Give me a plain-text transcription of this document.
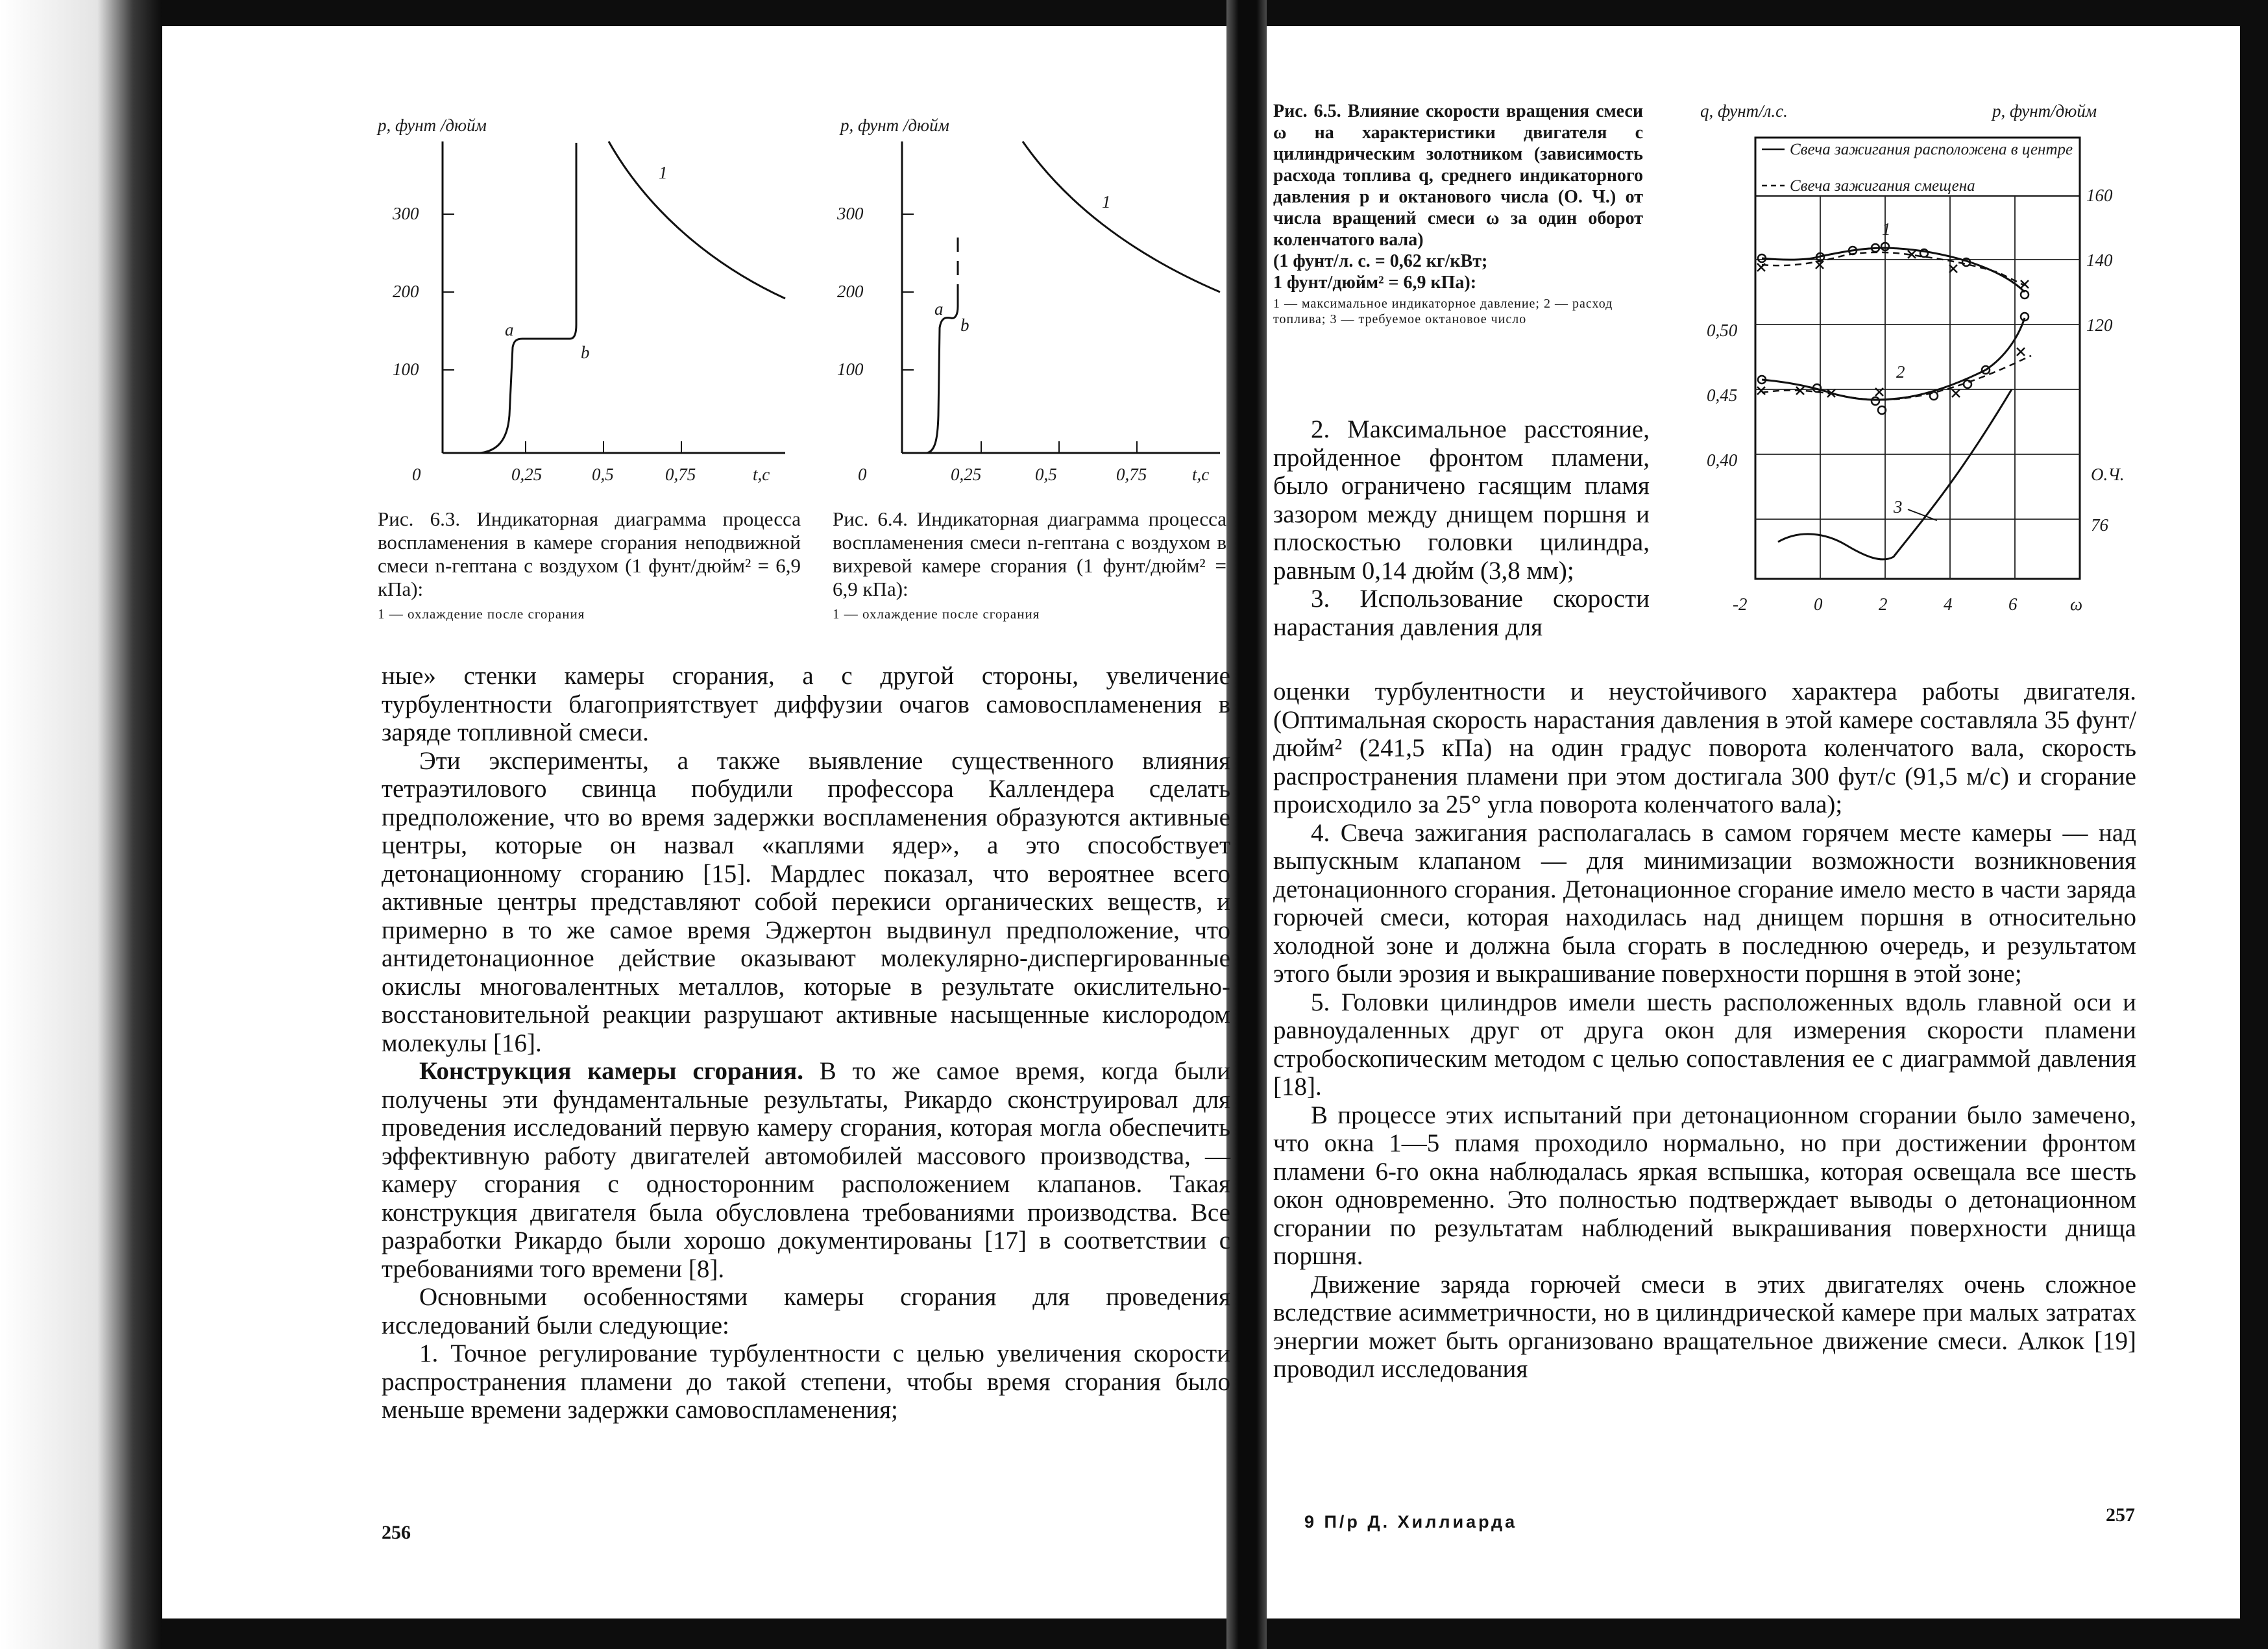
p, фунт /дюйм
300
200
100
0	0,25	0,5	0,75	t,c
a
b
1
Рис. 6.3. Индикаторная диаграмма процесса воспламенения в камере сгорания неподвижной смеси n-гептана с воздухом (1 фунт/дюйм² = 6,9 кПа):
1 — охлаждение после сгорания
p, фунт /дюйм
300
200
100
0	0,25	0,5	0,75	t,c
a
b
1
Рис. 6.4. Индикаторная диаграмма процесса воспламенения смеси n-гептана с воздухом в вихревой камере сгорания (1 фунт/дюйм² = 6,9 кПа):
1 — охлаждение после сгорания

ные» стенки камеры сгорания, а с другой стороны, увеличение турбулентности благоприятствует диффузии очагов самовоспламенения в заряде топливной смеси.

Эти эксперименты, а также выявление существенного влияния тетраэтилового свинца побудили профессора Каллендера сделать предположение, что во время задержки воспламенения образуются активные центры, которые он назвал «каплями ядер», а это способствует детонационному сгоранию [15]. Мардлес показал, что вероятнее всего активные центры представляют собой перекиси органических веществ, и примерно в то же самое время Эджертон выдвинул предположение, что антидетонационное действие оказывают молекулярно-диспергированные окислы многовалентных металлов, которые в результате окислительно-восстановительной реакции разрушают активные насыщенные кислородом молекулы [16].

Конструкция камеры сгорания. В то же самое время, когда были получены эти фундаментальные результаты, Рикардо сконструировал для проведения исследований первую камеру сгорания, которая могла обеспечить эффективную работу двигателей автомобилей массового производства, — камеру сгорания с односторонним расположением клапанов. Такая конструкция двигателя была обусловлена требованиями производства. Все разработки Рикардо были хорошо документированы [17] в соответствии с требованиями того времени [8].

Основными особенностями камеры сгорания для проведения исследований были следующие:

1. Точное регулирование турбулентности с целью увеличения скорости распространения пламени до такой степени, чтобы время сгорания было меньше времени задержки самовоспламенения;

256
Рис. 6.5. Влияние скорости вращения смеси ω на характеристики двигателя с цилиндрическим золотником (зависимость расхода топлива q, среднего индикаторного давления p и октанового числа (О. Ч.) от числа вращений смеси ω за один оборот коленчатого вала)
(1 фунт/л. с. = 0,62 кг/кВт;
1 фунт/дюйм² = 6,9 кПа):
1 — максимальное индикаторное давление; 2 — расход топлива; 3 — требуемое октановое число
q, фунт/л.с.	p, фунт/дюйм
Свеча зажигания расположена в центре
Свеча зажигания смещена
0,50
0,45
0,40
160
140
120
О.Ч.
76
-2	0	2	4	6	ω
1
2
3

2. Максимальное расстояние, пройденное фронтом пламени, было ограничено гасящим пламя зазором между днищем поршня и плоскостью головки цилиндра, равным 0,14 дюйм (3,8 мм);

3. Использование скорости нарастания давления для

оценки турбулентности и неустойчивого характера работы двигателя. (Оптимальная скорость нарастания давления в этой камере составляла 35 фунт/дюйм² (241,5 кПа) на один градус поворота коленчатого вала, скорость распространения пламени при этом достигала 300 фут/с (91,5 м/с) и сгорание происходило за 25° угла поворота коленчатого вала);

4. Свеча зажигания располагалась в самом горячем месте камеры — над выпускным клапаном — для минимизации возможности возникновения детонационного сгорания. Детонационное сгорание имело место в части заряда горючей смеси, которая находилась над днищем поршня в относительно холодной зоне и должна была сгорать в последнюю очередь, и результатом этого были эрозия и выкрашивание поверхности поршня в этой зоне;

5. Головки цилиндров имели шесть расположенных вдоль главной оси и равноудаленных друг от друга окон для измерения скорости пламени стробоскопическим методом с целью сопоставления ее с диаграммой давления [18].

В процессе этих испытаний при детонационном сгорании было замечено, что окна 1—5 пламя проходило нормально, но при достижении фронтом пламени 6-го окна наблюдалась яркая вспышка, которая освещала все шесть окон одновременно. Это полностью подтверждает выводы о детонационном сгорании по результатам наблюдений выкрашивания поверхности днища поршня.

Движение заряда горючей смеси в этих двигателях очень сложное вследствие асимметричности, но в цилиндрической камере при малых затратах энергии может быть организовано вращательное движение смеси. Алкок [19] проводил исследования

9 П/р Д. Хиллиарда	257
